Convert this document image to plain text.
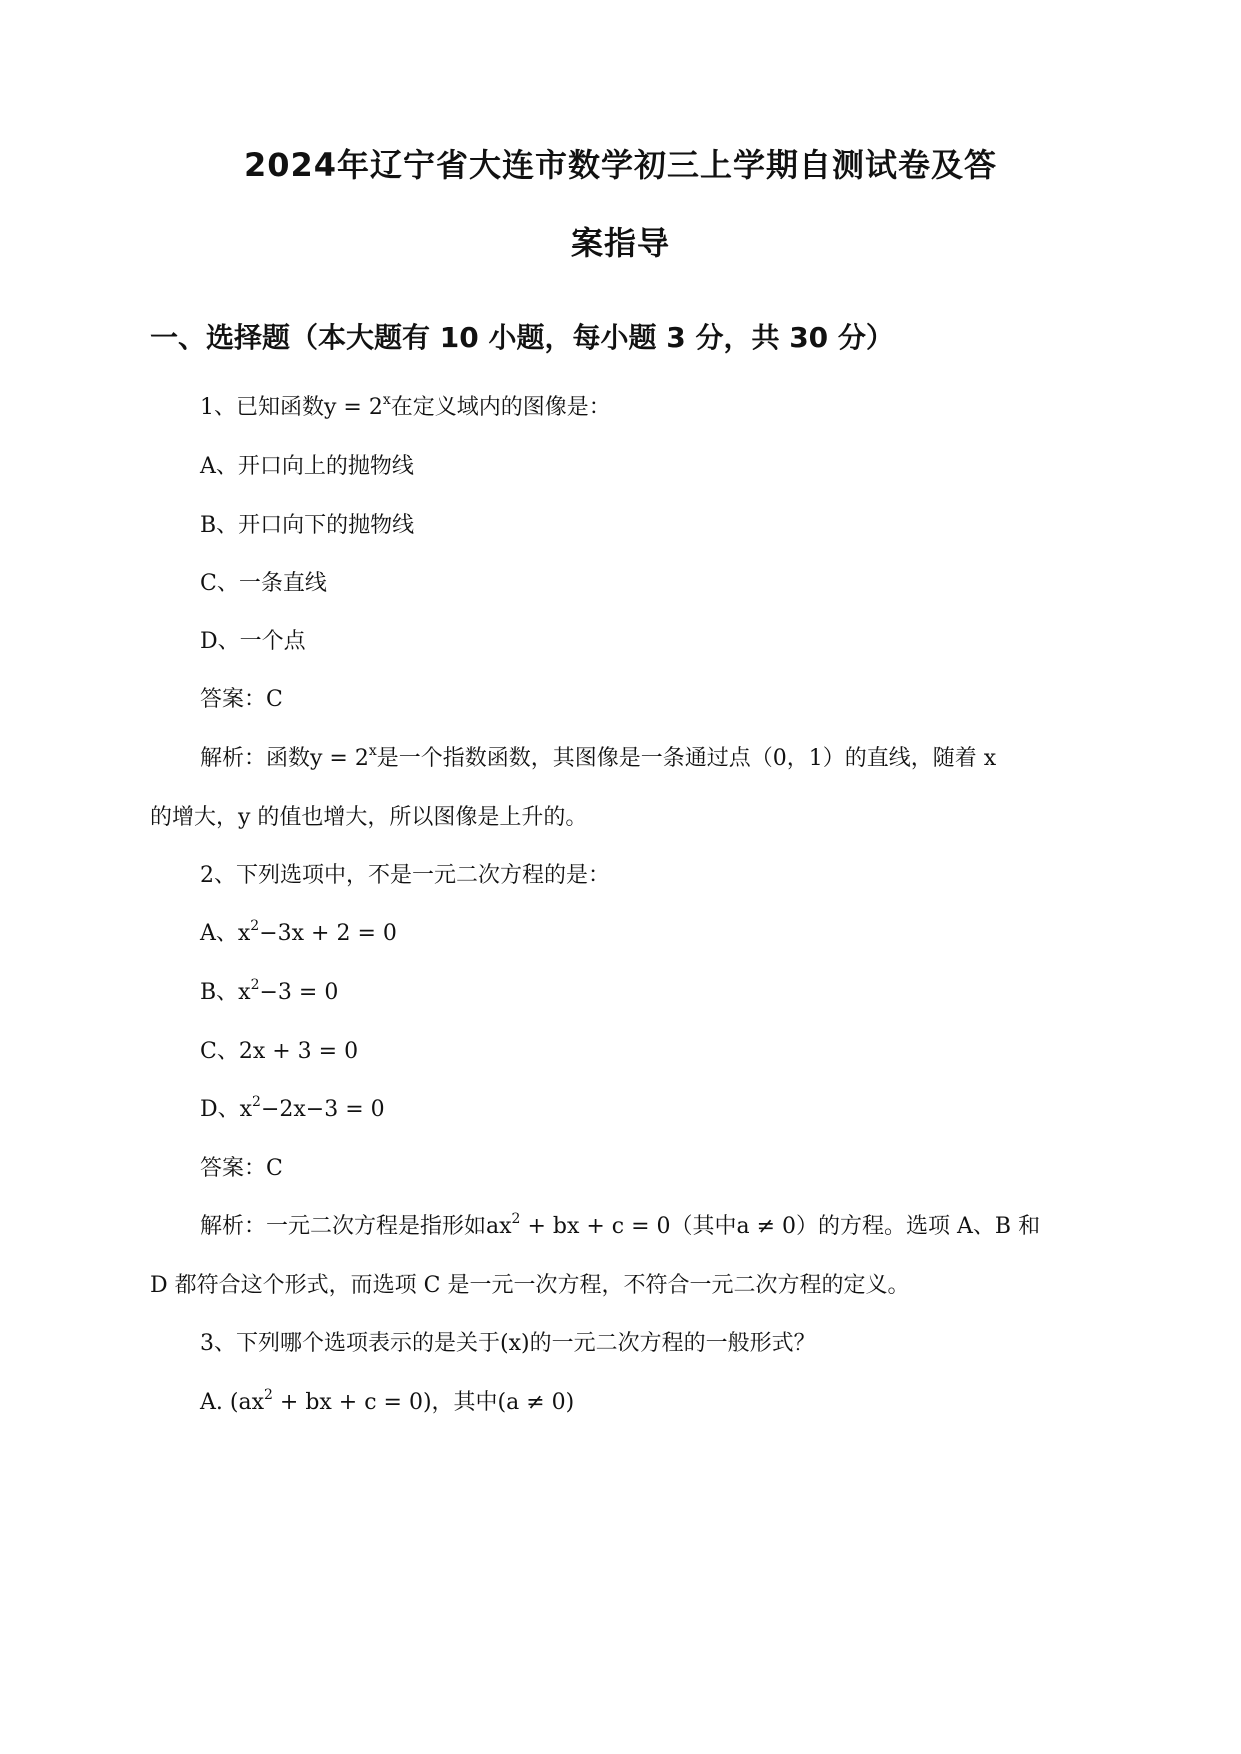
2024年辽宁省大连市数学初三上学期自测试卷及答
案指导
一、选择题（本大题有 10 小题，每小题 3 分，共 30 分）
1、已知函数$y = 2^x$在定义域内的图像是：
A、开口向上的抛物线
B、开口向下的抛物线
C、一条直线
D、一个点
答案：C
解析：函数$y = 2^x$是一个指数函数，其图像是一条通过点（0，1）的直线，随着 x
的增大，y 的值也增大，所以图像是上升的。
2、下列选项中，不是一元二次方程的是：
A、$x^2-3x + 2 = 0$
B、$x^2-3 = 0$
C、2x + 3 = 0
D、$x^2-2x-3 = 0$
答案：C
解析：一元二次方程是指形如$ax^2$ + bx + c = 0（其中a ≠ 0）的方程。选项 A、B 和
D 都符合这个形式，而选项 C 是一元一次方程，不符合一元二次方程的定义。
3、下列哪个选项表示的是关于(x)的一元二次方程的一般形式？
A. ($ax^2$ + bx + c = 0)，其中(a ≠ 0)
